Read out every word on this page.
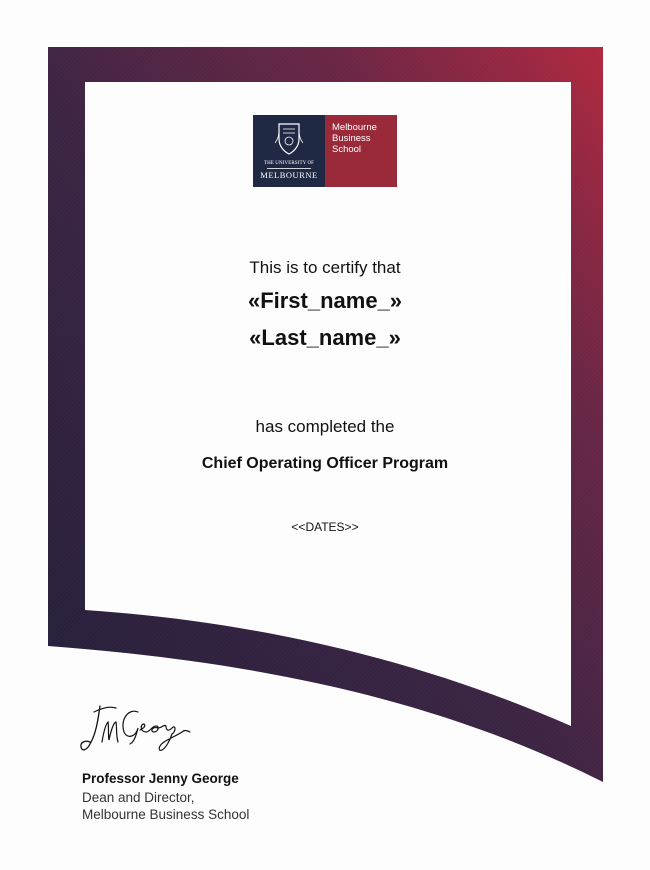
THE UNIVERSITY OF
MELBOURNE
Melbourne
Business
School
This is to certify that
«First_name_»
«Last_name_»
has completed the
Chief Operating Officer Program
<<DATES>>
Professor Jenny George
Dean and Director,
Melbourne Business School
